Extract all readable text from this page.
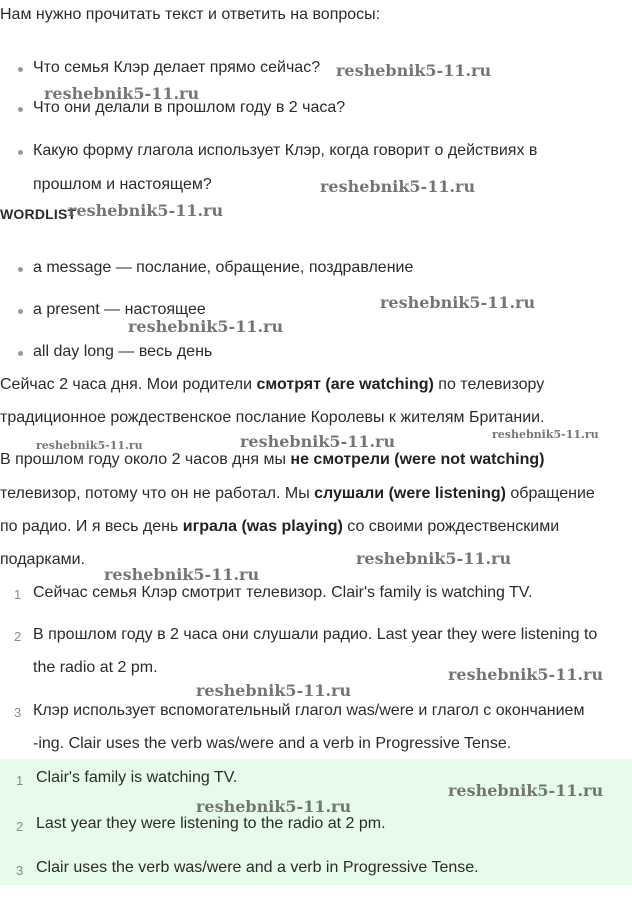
Нам нужно прочитать текст и ответить на вопросы:
Что семья Клэр делает прямо сейчас?
Что они делали в прошлом году в 2 часа?
Какую форму глагола использует Клэр, когда говорит о действиях в
прошлом и настоящем?
WORDLIST
a message — послание, обращение, поздравление
a present — настоящее
all day long — весь день
Сейчас 2 часа дня. Мои родители смотрят (are watching) по телевизору
традиционное рождественское послание Королевы к жителям Британии.
В прошлом году около 2 часов дня мы не смотрели (were not watching)
телевизор, потому что он не работал. Мы слушали (were listening) обращение
по радио. И я весь день играла (was playing) со своими рождественскими
подарками.
1 Сейчас семья Клэр смотрит телевизор. Clair's family is watching TV.
2 В прошлом году в 2 часа они слушали радио. Last year they were listening to
the radio at 2 pm.
3 Клэр использует вспомогательный глагол was/were и глагол с окончанием
-ing. Clair uses the verb was/were and a verb in Progressive Tense.
1 Clair's family is watching TV.
2 Last year they were listening to the radio at 2 pm.
3 Clair uses the verb was/were and a verb in Progressive Tense.
reshebnik5-11.ru
reshebnik5-11.ru
reshebnik5-11.ru
reshebnik5-11.ru
reshebnik5-11.ru
reshebnik5-11.ru
reshebnik5-11.ru	reshebnik5-11.ru	reshebnik5-11.ru
reshebnik5-11.ru
reshebnik5-11.ru
reshebnik5-11.ru
reshebnik5-11.ru
reshebnik5-11.ru
reshebnik5-11.ru
